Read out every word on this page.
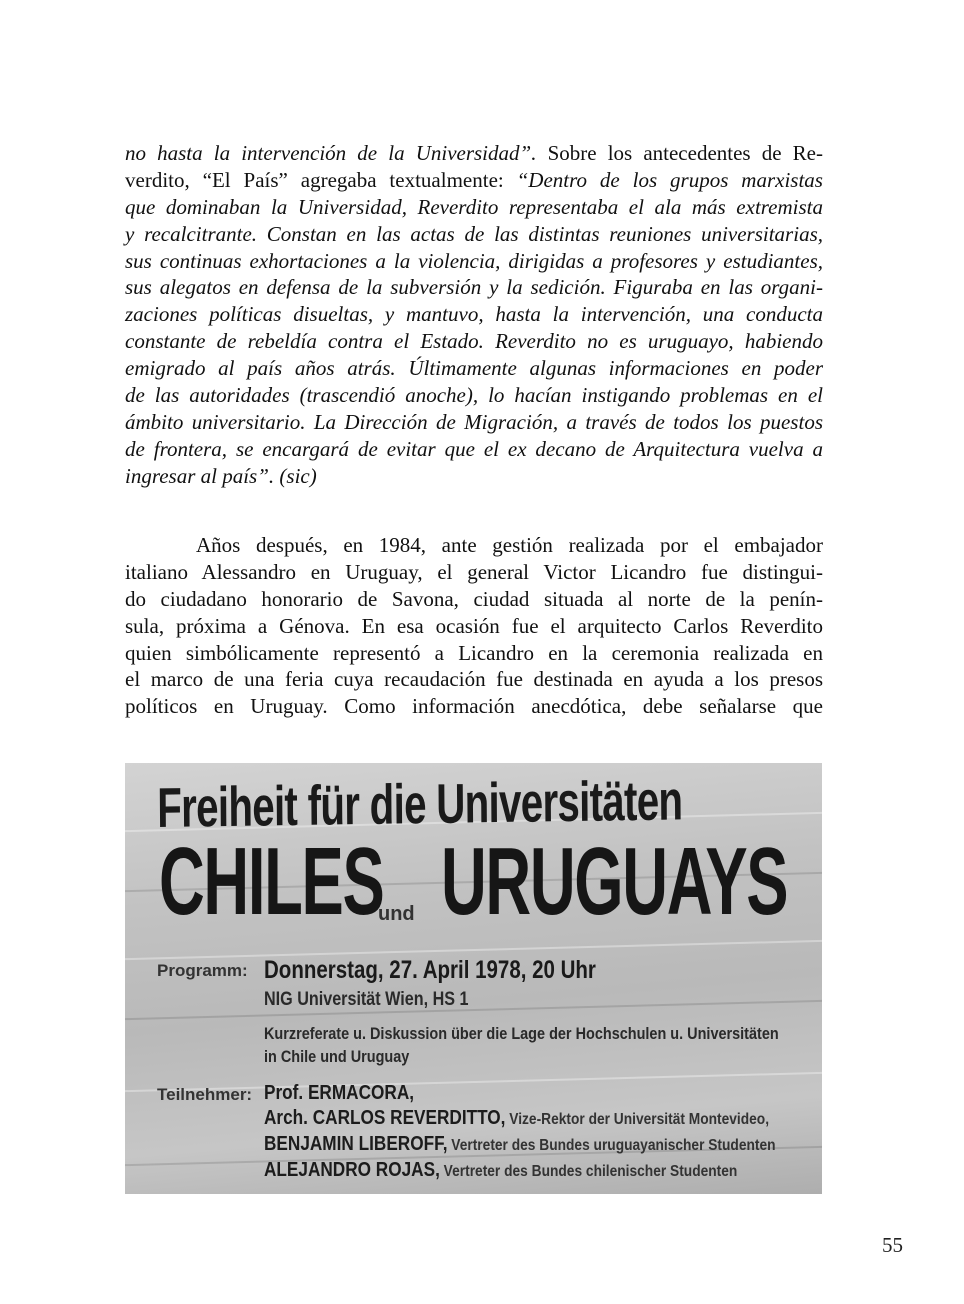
no hasta la intervención de la Universidad”. Sobre los antecedentes de Re-
verdito, “El País” agregaba textualmente: “Dentro de los grupos marxistas
que dominaban la Universidad, Reverdito representaba el ala más extremista
y recalcitrante. Constan en las actas de las distintas reuniones universitarias,
sus continuas exhortaciones a la violencia, dirigidas a profesores y estudiantes,
sus alegatos en defensa de la subversión y la sedición. Figuraba en las organi-
zaciones políticas disueltas, y mantuvo, hasta la intervención, una conducta
constante de rebeldía contra el Estado. Reverdito no es uruguayo, habiendo
emigrado al país años atrás. Últimamente algunas informaciones en poder
de las autoridades (trascendió anoche), lo hacían instigando problemas en el
ámbito universitario. La Dirección de Migración, a través de todos los puestos
de frontera, se encargará de evitar que el ex decano de Arquitectura vuelva a
ingresar al país”. (sic)
Años después, en 1984, ante gestión realizada por el embajador
italiano Alessandro en Uruguay, el general Victor Licandro fue distingui-
do ciudadano honorario de Savona, ciudad situada al norte de la penín-
sula, próxima a Génova. En esa ocasión fue el arquitecto Carlos Reverdito
quien simbólicamente representó a Licandro en la ceremonia realizada en
el marco de una feria cuya recaudación fue destinada en ayuda a los presos
políticos en Uruguay. Como información anecdótica, debe señalarse que
Freiheit für die Universitäten
CHILES
und URUGUAYS
Programm: Donnerstag, 27. April 1978, 20 Uhr
NIG Universität Wien, HS 1
Kurzreferate u. Diskussion über die Lage der Hochschulen u. Universitäten
in Chile und Uruguay
Teilnehmer: Prof. ERMACORA,
Arch. CARLOS REVERDITTO, Vize-Rektor der Universität Montevideo,
BENJAMIN LIBEROFF, Vertreter des Bundes uruguayanischer Studenten
ALEJANDRO ROJAS, Vertreter des Bundes chilenischer Studenten
55
